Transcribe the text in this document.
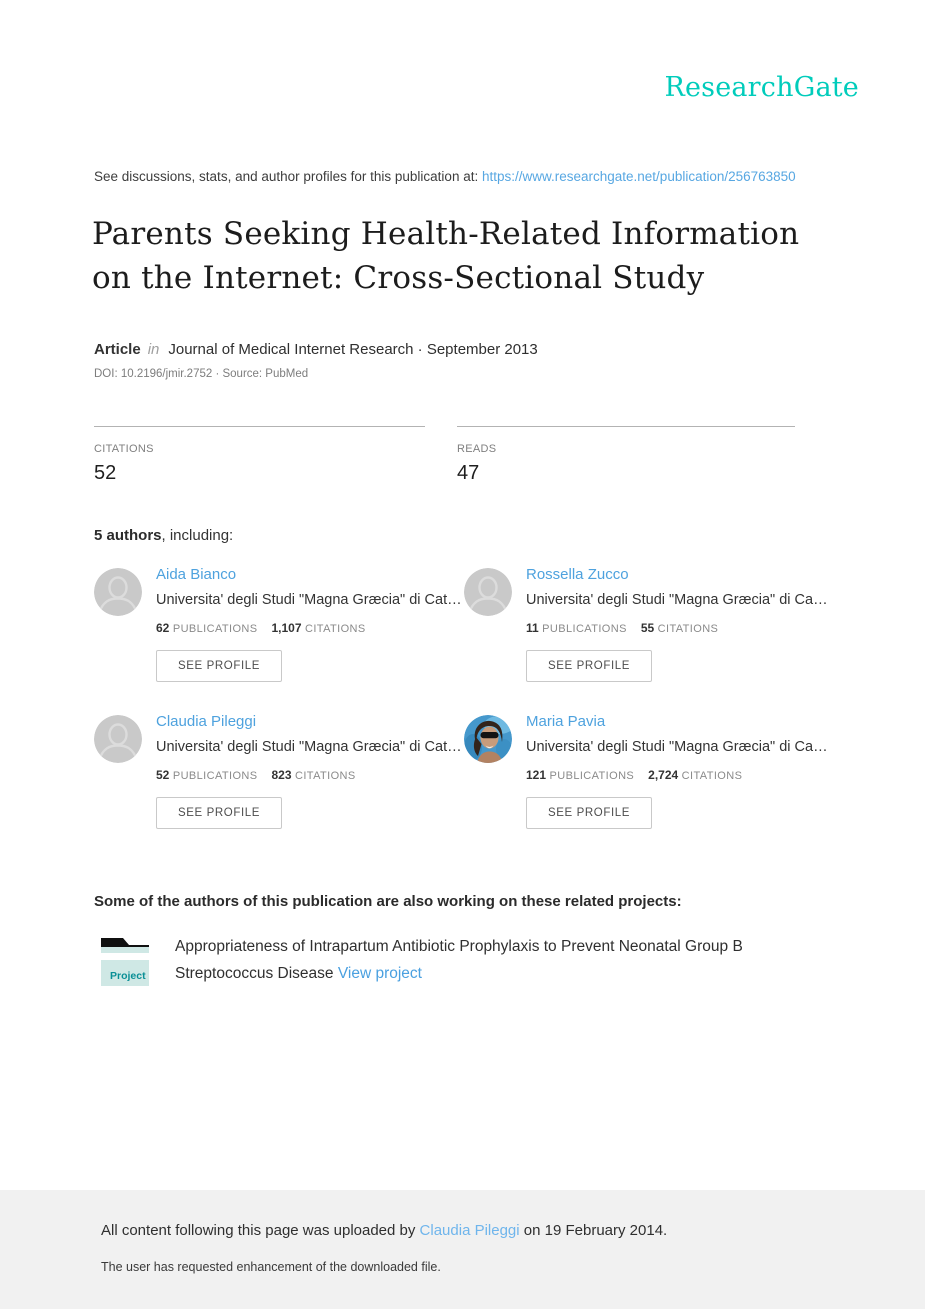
ResearchGate
See discussions, stats, and author profiles for this publication at: https://www.researchgate.net/publication/256763850
Parents Seeking Health-Related Information on the Internet: Cross-Sectional Study
Article in Journal of Medical Internet Research · September 2013
DOI: 10.2196/jmir.2752 · Source: PubMed
CITATIONS
52
READS
47
5 authors, including:
Aida Bianco
Universita' degli Studi "Magna Græcia" di Cat…
62 PUBLICATIONS 1,107 CITATIONS
SEE PROFILE
Rossella Zucco
Universita' degli Studi "Magna Græcia" di Ca…
11 PUBLICATIONS 55 CITATIONS
SEE PROFILE
Claudia Pileggi
Universita' degli Studi "Magna Græcia" di Cat…
52 PUBLICATIONS 823 CITATIONS
SEE PROFILE
Maria Pavia
Universita' degli Studi "Magna Græcia" di Ca…
121 PUBLICATIONS 2,724 CITATIONS
SEE PROFILE
Some of the authors of this publication are also working on these related projects:
Project
Appropriateness of Intrapartum Antibiotic Prophylaxis to Prevent Neonatal Group B Streptococcus Disease View project
All content following this page was uploaded by Claudia Pileggi on 19 February 2014.
The user has requested enhancement of the downloaded file.
